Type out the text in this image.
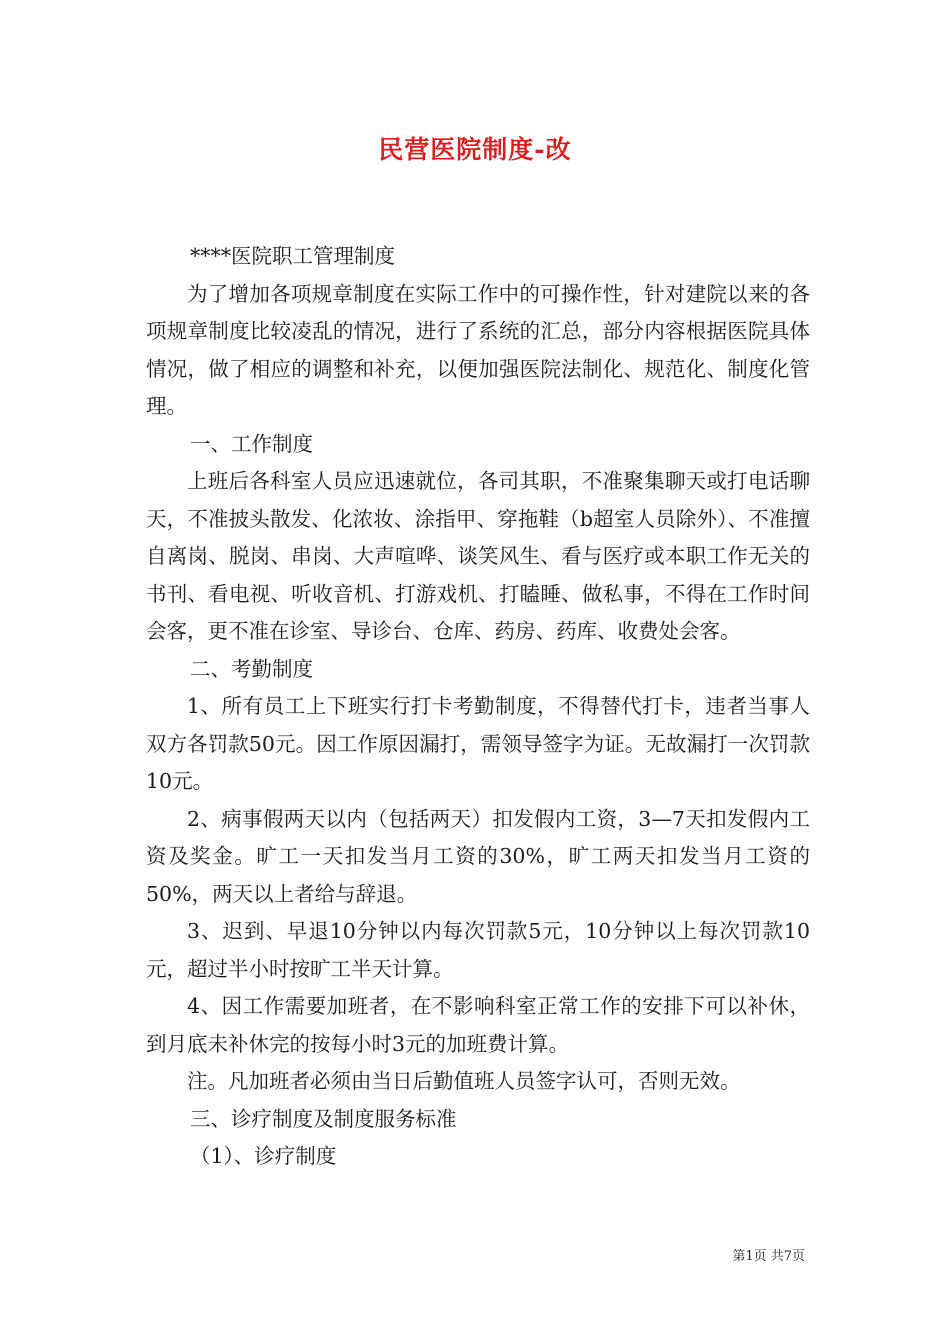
民营医院制度-改

****医院职工管理制度

为了增加各项规章制度在实际工作中的可操作性，针对建院以来的各项规章制度比较凌乱的情况，进行了系统的汇总，部分内容根据医院具体情况，做了相应的调整和补充，以便加强医院法制化、规范化、制度化管理。

一、工作制度

上班后各科室人员应迅速就位，各司其职，不准聚集聊天或打电话聊天，不准披头散发、化浓妆、涂指甲、穿拖鞋（b超室人员除外）、不准擅自离岗、脱岗、串岗、大声喧哗、谈笑风生、看与医疗或本职工作无关的书刊、看电视、听收音机、打游戏机、打瞌睡、做私事，不得在工作时间会客，更不准在诊室、导诊台、仓库、药房、药库、收费处会客。

二、考勤制度

1、所有员工上下班实行打卡考勤制度，不得替代打卡，违者当事人双方各罚款50元。因工作原因漏打，需领导签字为证。无故漏打一次罚款10元。

2、病事假两天以内（包括两天）扣发假内工资，3—7天扣发假内工资及奖金。旷工一天扣发当月工资的30%，旷工两天扣发当月工资的50%，两天以上者给与辞退。

3、迟到、早退10分钟以内每次罚款5元，10分钟以上每次罚款10元，超过半小时按旷工半天计算。

4、因工作需要加班者，在不影响科室正常工作的安排下可以补休，到月底未补休完的按每小时3元的加班费计算。

注。凡加班者必须由当日后勤值班人员签字认可，否则无效。

三、诊疗制度及制度服务标准

（1）、诊疗制度

第1页 共7页
